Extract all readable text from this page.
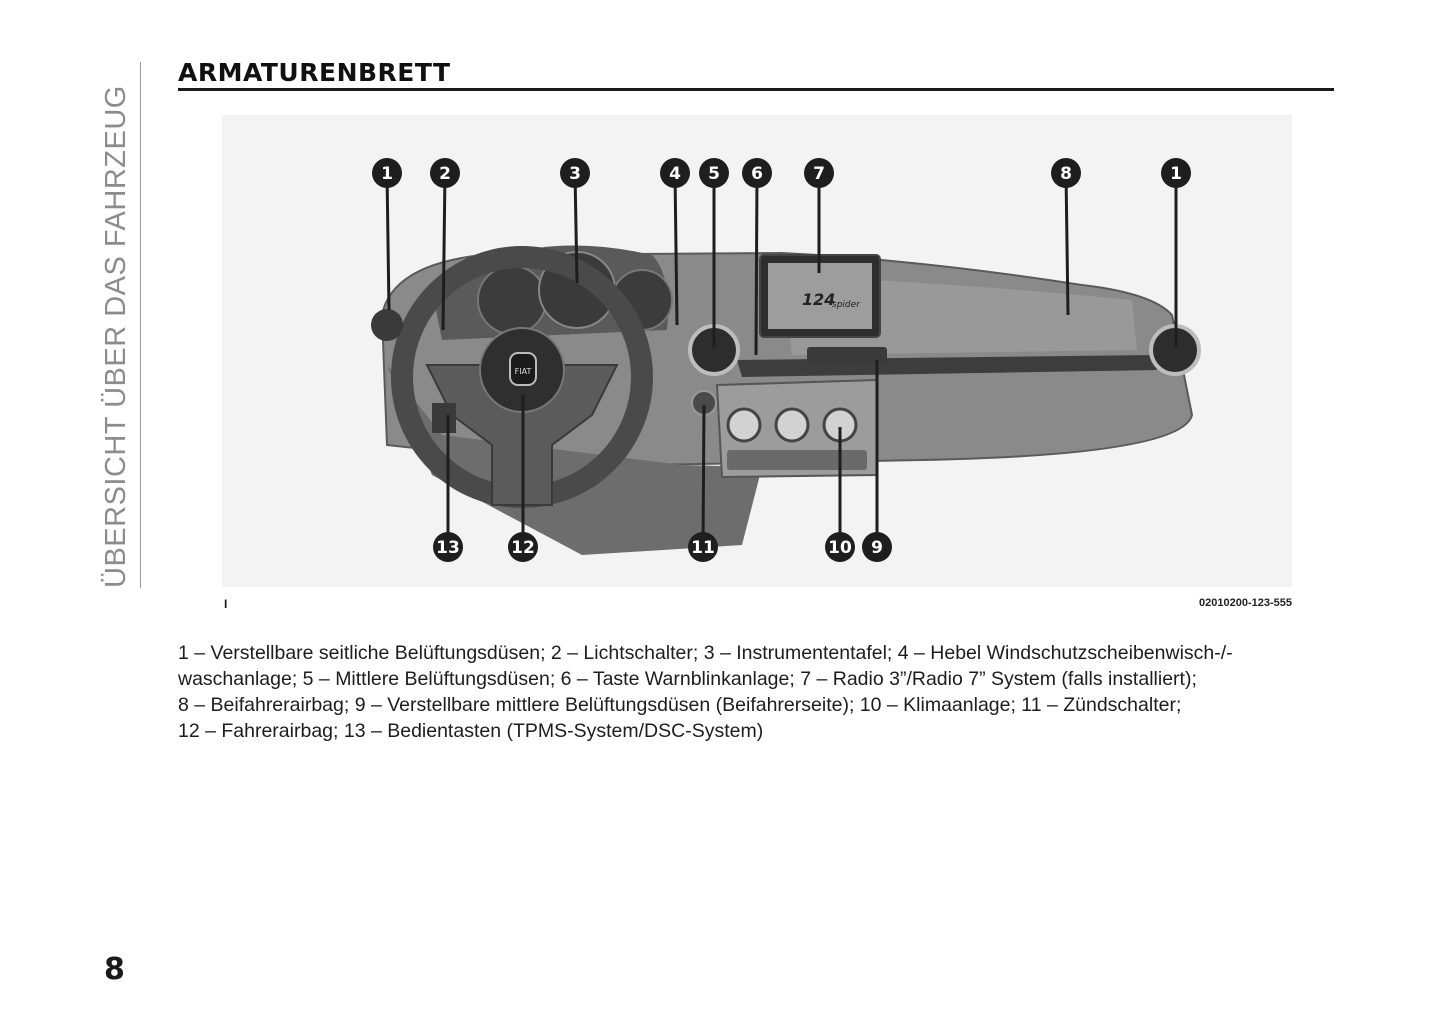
ÜBERSICHT ÜBER DAS FAHRZEUG
ARMATURENBRETT
124
spider
FIAT
1	2	3	4 5 6	7	8	1
13	12	11	10 9
I	02010200-123-555
1 – Verstellbare seitliche Belüftungsdüsen; 2 – Lichtschalter; 3 – Instrumententafel; 4 – Hebel Windschutzscheibenwisch-/-
waschanlage; 5 – Mittlere Belüftungsdüsen; 6 – Taste Warnblinkanlage; 7 – Radio 3”/Radio 7” System (falls installiert);
8 – Beifahrerairbag; 9 – Verstellbare mittlere Belüftungsdüsen (Beifahrerseite); 10 – Klimaanlage; 11 – Zündschalter;
12 – Fahrerairbag; 13 – Bedientasten (TPMS-System/DSC-System)
8
